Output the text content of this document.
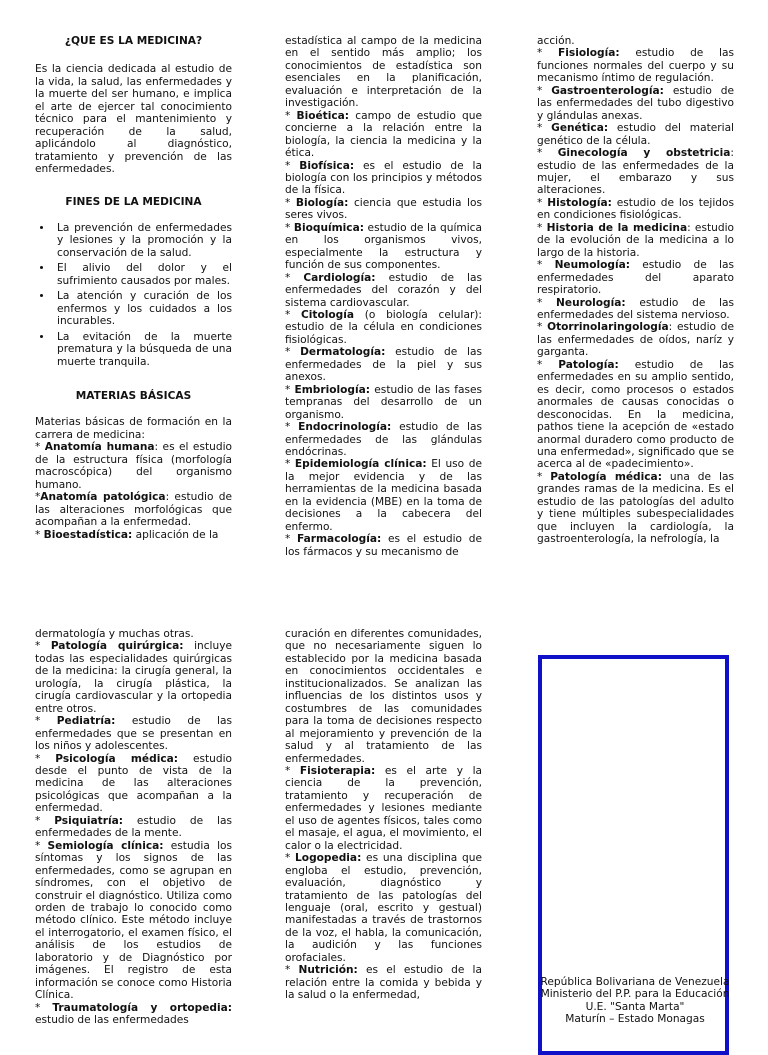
¿QUE ES LA MEDICINA?

Es la ciencia dedicada al estudio de la vida, la salud, las enfermedades y la muerte del ser humano, e implica el arte de ejercer tal conocimiento técnico para el mantenimiento y recuperación de la salud, aplicándolo al diagnóstico, tratamiento y prevención de las enfermedades.

FINES DE LA MEDICINA

• La prevención de enfermedades y lesiones y la promoción y la conservación de la salud.
• El alivio del dolor y el sufrimiento causados por males.
• La atención y curación de los enfermos y los cuidados a los incurables.
• La evitación de la muerte prematura y la búsqueda de una muerte tranquila.

MATERIAS BÁSICAS

Materias básicas de formación en la carrera de medicina:

* Anatomía humana: es el estudio de la estructura física (morfología macroscópica) del organismo humano.

*Anatomía patológica: estudio de las alteraciones morfológicas que acompañan a la enfermedad.

* Bioestadística: aplicación de la

estadística al campo de la medicina en el sentido más amplio; los conocimientos de estadística son esenciales en la planificación, evaluación e interpretación de la investigación.

* Bioética: campo de estudio que concierne a la relación entre la biología, la ciencia la medicina y la ética.

* Biofísica: es el estudio de la biología con los principios y métodos de la física.

* Biología: ciencia que estudia los seres vivos.

* Bioquímica: estudio de la química en los organismos vivos, especialmente la estructura y función de sus componentes.

* Cardiología: estudio de las enfermedades del corazón y del sistema cardiovascular.

* Citología (o biología celular): estudio de la célula en condiciones fisiológicas.

* Dermatología: estudio de las enfermedades de la piel y sus anexos.

* Embriología: estudio de las fases tempranas del desarrollo de un organismo.

* Endocrinología: estudio de las enfermedades de las glándulas endócrinas.

* Epidemiología clínica: El uso de la mejor evidencia y de las herramientas de la medicina basada en la evidencia (MBE) en la toma de decisiones a la cabecera del enfermo.

* Farmacología: es el estudio de los fármacos y su mecanismo de

acción.

* Fisiología: estudio de las funciones normales del cuerpo y su mecanismo íntimo de regulación.

* Gastroenterología: estudio de las enfermedades del tubo digestivo y glándulas anexas.

* Genética: estudio del material genético de la célula.

* Ginecología y obstetricia: estudio de las enfermedades de la mujer, el embarazo y sus alteraciones.

* Histología: estudio de los tejidos en condiciones fisiológicas.

* Historia de la medicina: estudio de la evolución de la medicina a lo largo de la historia.

* Neumología: estudio de las enfermedades del aparato respiratorio.

* Neurología: estudio de las enfermedades del sistema nervioso.

* Otorrinolaringología: estudio de las enfermedades de oídos, naríz y garganta.

* Patología: estudio de las enfermedades en su amplio sentido, es decir, como procesos o estados anormales de causas conocidas o desconocidas. En la medicina, pathos tiene la acepción de «estado anormal duradero como producto de una enfermedad», significado que se acerca al de «padecimiento».

* Patología médica: una de las grandes ramas de la medicina. Es el estudio de las patologías del adulto y tiene múltiples subespecialidades que incluyen la cardiología, la gastroenterología, la nefrología, la

dermatología y muchas otras.

* Patología quirúrgica: incluye todas las especialidades quirúrgicas de la medicina: la cirugía general, la urología, la cirugía plástica, la cirugía cardiovascular y la ortopedia entre otros.

* Pediatría: estudio de las enfermedades que se presentan en los niños y adolescentes.

* Psicología médica: estudio desde el punto de vista de la medicina de las alteraciones psicológicas que acompañan a la enfermedad.

* Psiquiatría: estudio de las enfermedades de la mente.

* Semiología clínica: estudia los síntomas y los signos de las enfermedades, como se agrupan en síndromes, con el objetivo de construir el diagnóstico. Utiliza como orden de trabajo lo conocido como método clínico. Este método incluye el interrogatorio, el examen físico, el análisis de los estudios de laboratorio y de Diagnóstico por imágenes. El registro de esta información se conoce como Historia Clínica.

* Traumatología y ortopedia: estudio de las enfermedades

curación en diferentes comunidades, que no necesariamente siguen lo establecido por la medicina basada en conocimientos occidentales e institucionalizados. Se analizan las influencias de los distintos usos y costumbres de las comunidades para la toma de decisiones respecto al mejoramiento y prevención de la salud y al tratamiento de las enfermedades.

* Fisioterapia: es el arte y la ciencia de la prevención, tratamiento y recuperación de enfermedades y lesiones mediante el uso de agentes físicos, tales como el masaje, el agua, el movimiento, el calor o la electricidad.

* Logopedia: es una disciplina que engloba el estudio, prevención, evaluación, diagnóstico y tratamiento de las patologías del lenguaje (oral, escrito y gestual) manifestadas a través de trastornos de la voz, el habla, la comunicación, la audición y las funciones orofaciales.

* Nutrición: es el estudio de la relación entre la comida y bebida y la salud o la enfermedad,

República Bolivariana de Venezuela
Ministerio del P.P. para la Educación
U.E. "Santa Marta"
Maturín – Estado Monagas
